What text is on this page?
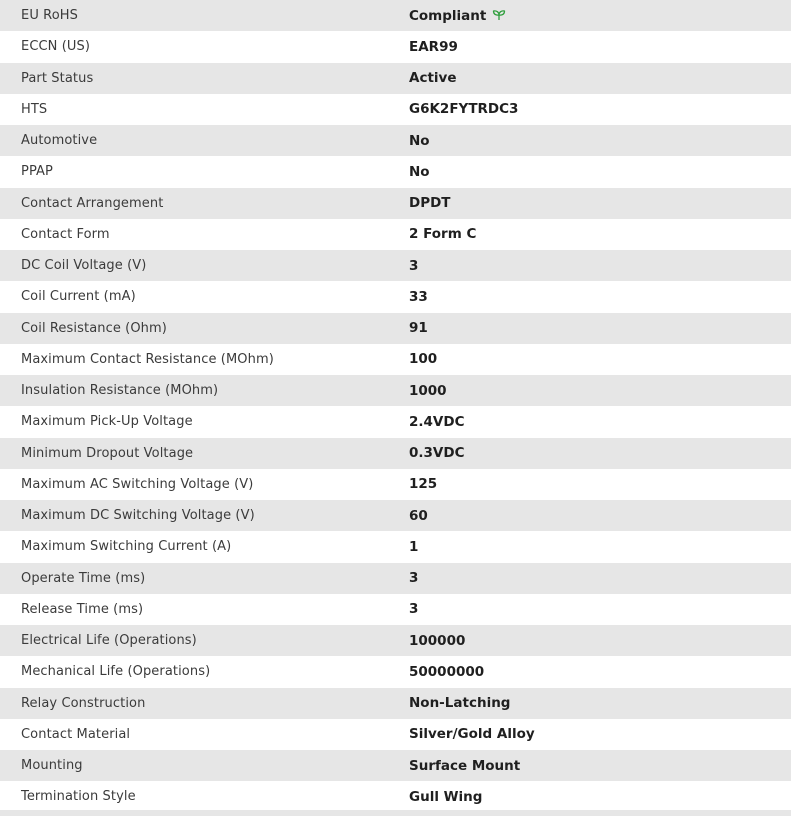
EU RoHS	Compliant
ECCN (US)	EAR99
Part Status	Active
HTS	G6K2FYTRDC3
Automotive	No
PPAP	No
Contact Arrangement	DPDT
Contact Form	2 Form C
DC Coil Voltage (V)	3
Coil Current (mA)	33
Coil Resistance (Ohm)	91
Maximum Contact Resistance (MOhm)	100
Insulation Resistance (MOhm)	1000
Maximum Pick-Up Voltage	2.4VDC
Minimum Dropout Voltage	0.3VDC
Maximum AC Switching Voltage (V)	125
Maximum DC Switching Voltage (V)	60
Maximum Switching Current (A)	1
Operate Time (ms)	3
Release Time (ms)	3
Electrical Life (Operations)	100000
Mechanical Life (Operations)	50000000
Relay Construction	Non-Latching
Contact Material	Silver/Gold Alloy
Mounting	Surface Mount
Termination Style	Gull Wing
